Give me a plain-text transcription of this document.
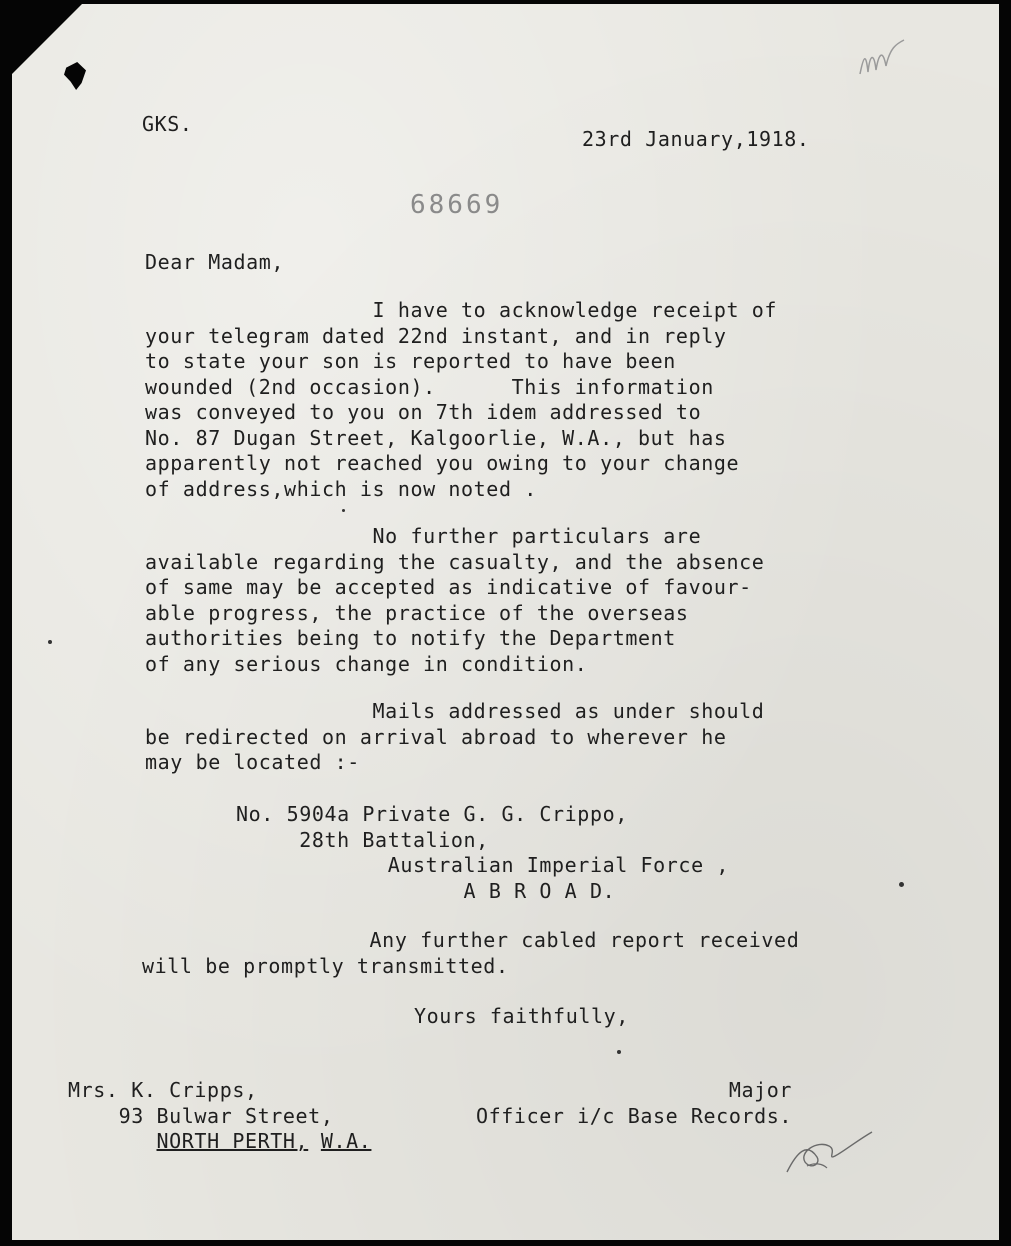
GKS.
23rd January,1918.
68669
Dear Madam,
I have to acknowledge receipt of
your telegram dated 22nd instant, and in reply
to state your son is reported to have been
wounded (2nd occasion).      This information
was conveyed to you on 7th idem addressed to
No. 87 Dugan Street, Kalgoorlie, W.A., but has
apparently not reached you owing to your change
of address,which is now noted .
No further particulars are
available regarding the casualty, and the absence
of same may be accepted as indicative of favour-
able progress, the practice of the overseas
authorities being to notify the Department
of any serious change in condition.
Mails addressed as under should
be redirected on arrival abroad to wherever he
may be located :-
No. 5904a Private G. G. Crippo,
28th Battalion,
Australian Imperial Force ,
A B R O A D.
Any further cabled report received
will be promptly transmitted.
Yours faithfully,
Mrs. K. Cripps,
93 Bulwar Street,
NORTH PERTH, W.A.
Major
Officer i/c Base Records.
